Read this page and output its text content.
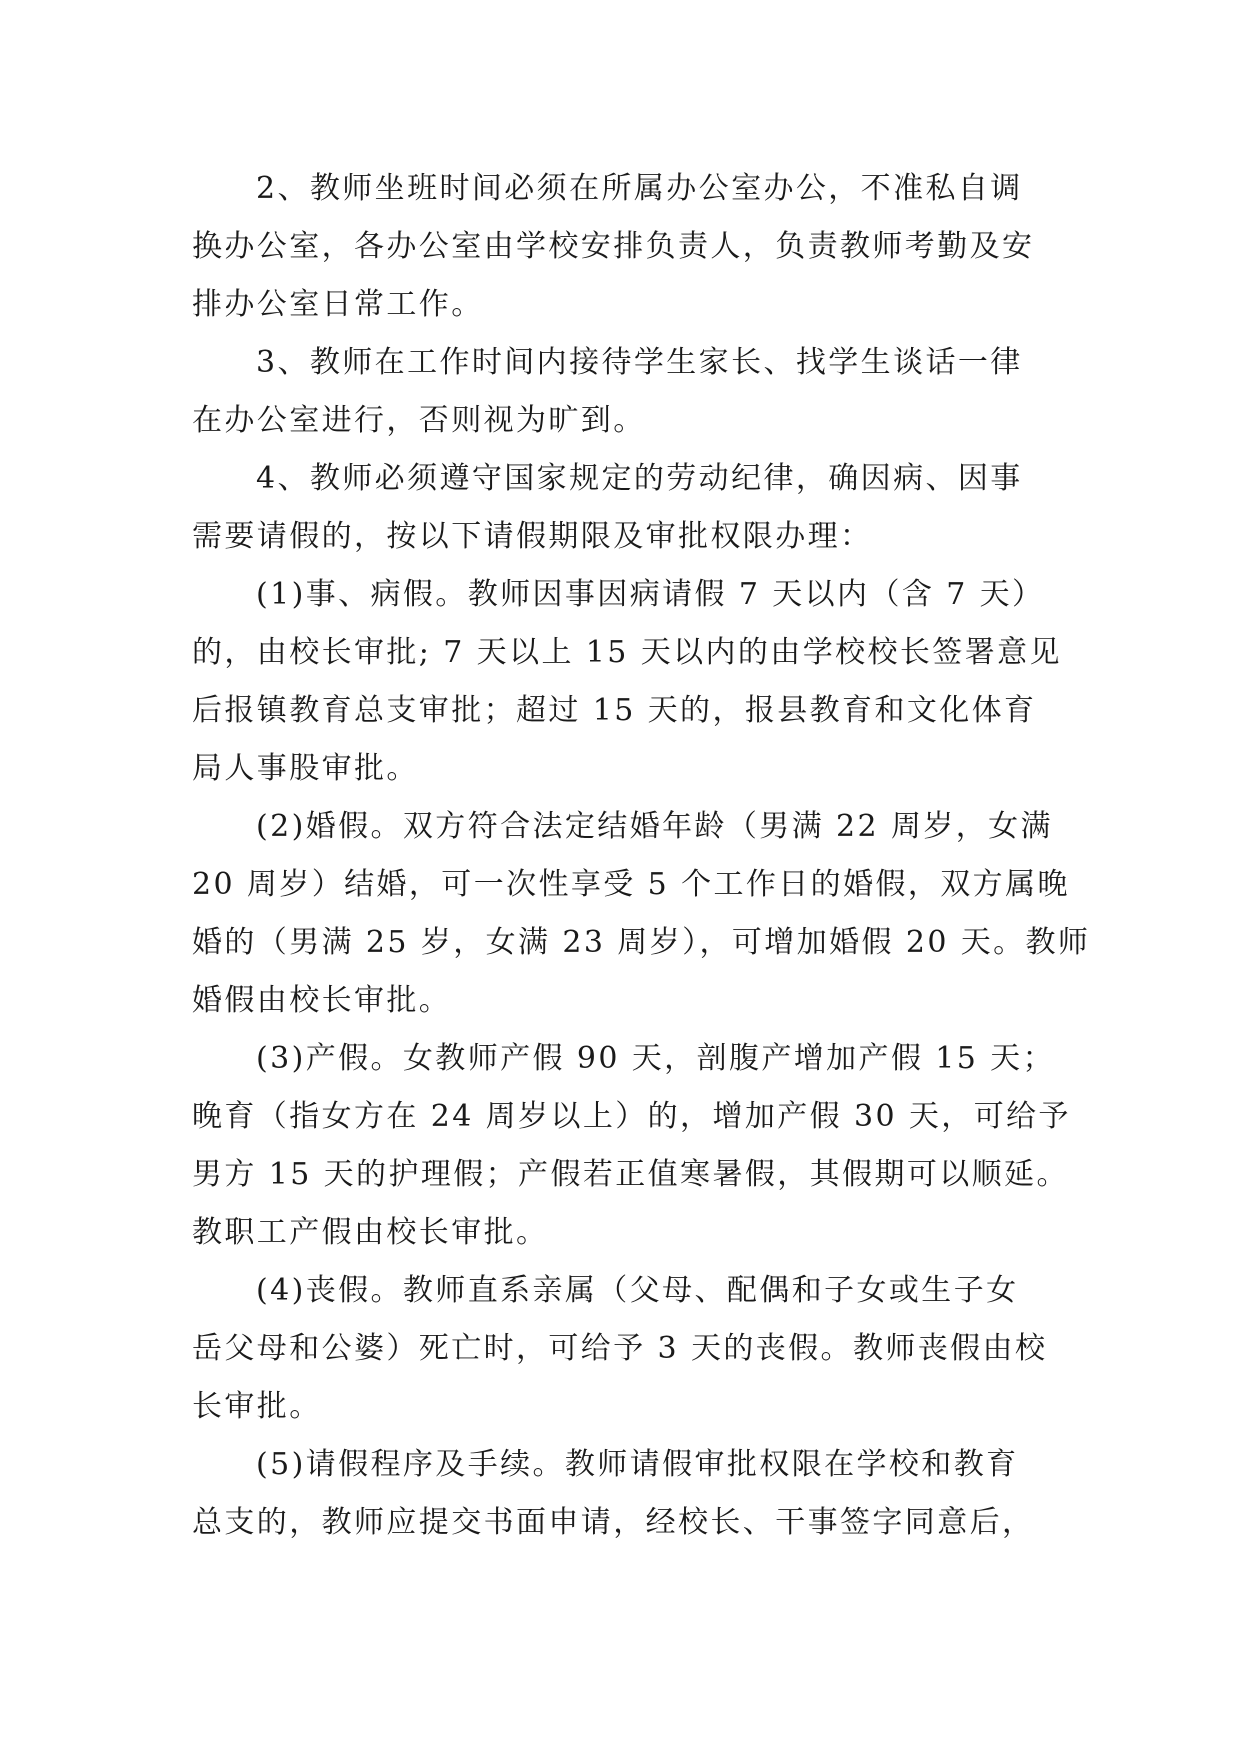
2、教师坐班时间必须在所属办公室办公，不准私自调
换办公室，各办公室由学校安排负责人，负责教师考勤及安
排办公室日常工作。
3、教师在工作时间内接待学生家长、找学生谈话一律
在办公室进行，否则视为旷到。
4、教师必须遵守国家规定的劳动纪律，确因病、因事
需要请假的，按以下请假期限及审批权限办理：
(1)事、病假。教师因事因病请假 7 天以内（含 7 天）
的，由校长审批; 7 天以上 15 天以内的由学校校长签署意见
后报镇教育总支审批；超过 15 天的，报县教育和文化体育
局人事股审批。
(2)婚假。双方符合法定结婚年龄（男满 22 周岁，女满
20 周岁）结婚，可一次性享受 5 个工作日的婚假，双方属晚
婚的（男满 25 岁，女满 23 周岁），可增加婚假 20 天。教师
婚假由校长审批。
(3)产假。女教师产假 90 天，剖腹产增加产假 15 天；
晚育（指女方在 24 周岁以上）的，增加产假 30 天，可给予
男方 15 天的护理假；产假若正值寒暑假，其假期可以顺延。
教职工产假由校长审批。
(4)丧假。教师直系亲属（父母、配偶和子女或生子女
岳父母和公婆）死亡时，可给予 3 天的丧假。教师丧假由校
长审批。
(5)请假程序及手续。教师请假审批权限在学校和教育
总支的，教师应提交书面申请，经校长、干事签字同意后，
